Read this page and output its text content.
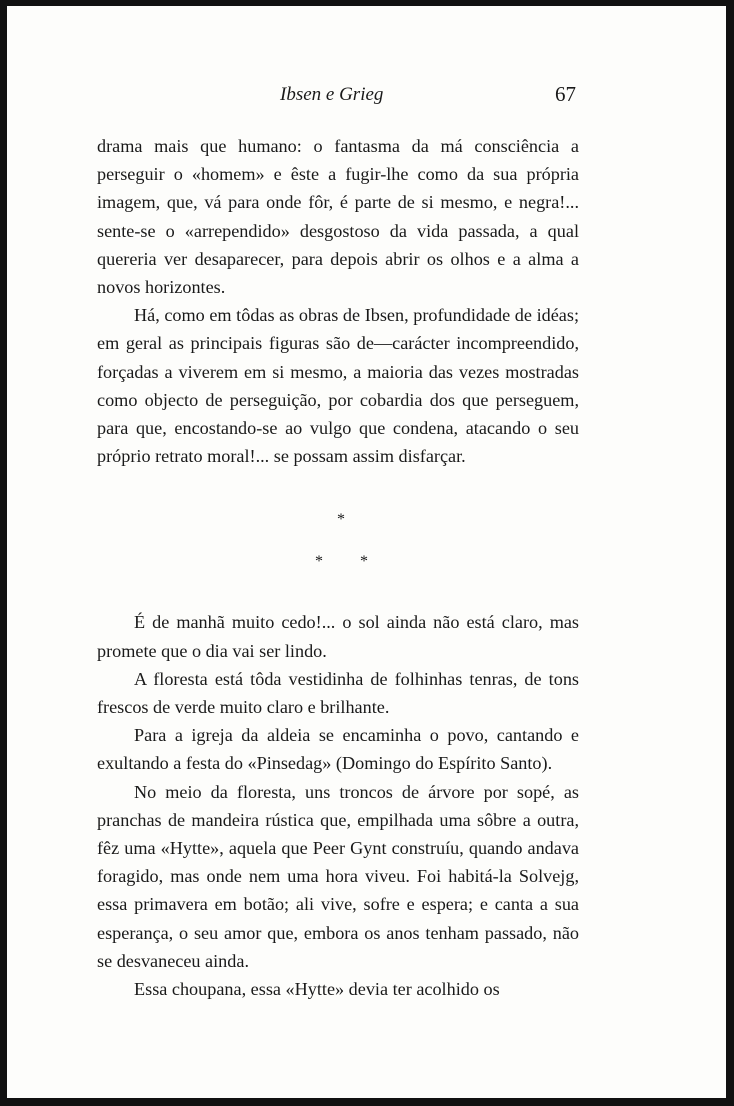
Ibsen e Grieg	67

drama mais que humano: o fantasma da má consciência a perseguir o «homem» e êste a fugir-lhe como da sua própria imagem, que, vá para onde fôr, é parte de si mesmo, e negra!... sente-se o «arrependido» desgostoso da vida passada, a qual quereria ver desaparecer, para depois abrir os olhos e a alma a novos horizontes.

Há, como em tôdas as obras de Ibsen, profundidade de idéas; em geral as principais figuras são de—carácter incompreendido, forçadas a viverem em si mesmo, a maioria das vezes mostradas como objecto de perseguição, por cobardia dos que perseguem, para que, encostando-se ao vulgo que condena, atacando o seu próprio retrato moral!... se possam assim disfarçar.

*
* *

É de manhã muito cedo!... o sol ainda não está claro, mas promete que o dia vai ser lindo.

A floresta está tôda vestidinha de folhinhas tenras, de tons frescos de verde muito claro e brilhante.

Para a igreja da aldeia se encaminha o povo, cantando e exultando a festa do «Pinsedag» (Domingo do Espírito Santo).

No meio da floresta, uns troncos de árvore por sopé, as pranchas de mandeira rústica que, empilhada uma sôbre a outra, fêz uma «Hytte», aquela que Peer Gynt construíu, quando andava foragido, mas onde nem uma hora viveu. Foi habitá-la Solvejg, essa primavera em botão; ali vive, sofre e espera; e canta a sua esperança, o seu amor que, embora os anos tenham passado, não se desvaneceu ainda.

Essa choupana, essa «Hytte» devia ter acolhido os
